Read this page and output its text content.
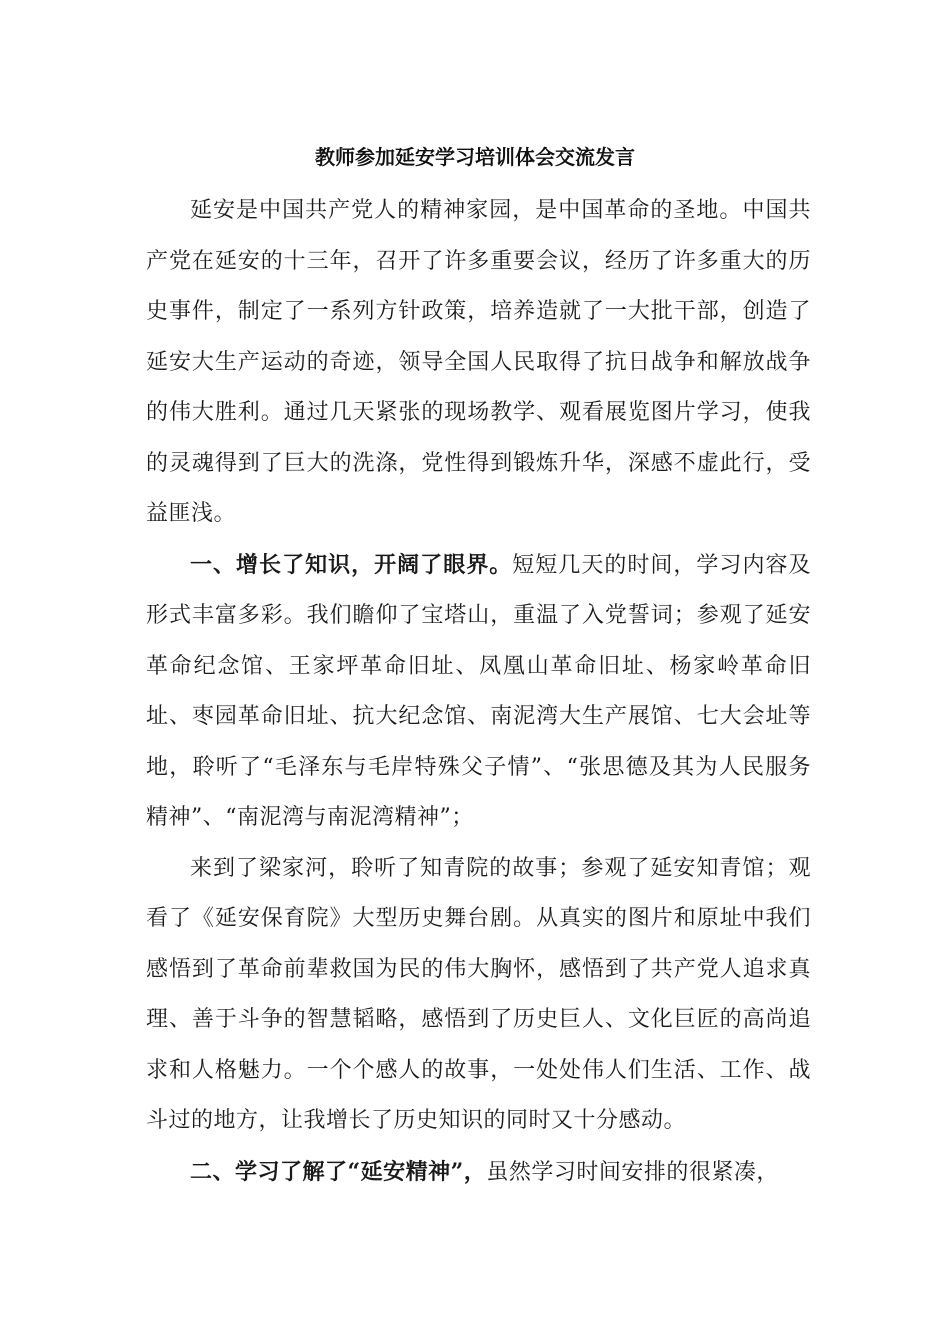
教师参加延安学习培训体会交流发言

延安是中国共产党人的精神家园，是中国革命的圣地。中国共产党在延安的十三年，召开了许多重要会议，经历了许多重大的历史事件，制定了一系列方针政策，培养造就了一大批干部，创造了延安大生产运动的奇迹，领导全国人民取得了抗日战争和解放战争的伟大胜利。通过几天紧张的现场教学、观看展览图片学习，使我的灵魂得到了巨大的洗涤，党性得到锻炼升华，深感不虚此行，受益匪浅。

一、增长了知识，开阔了眼界。短短几天的时间，学习内容及形式丰富多彩。我们瞻仰了宝塔山，重温了入党誓词；参观了延安革命纪念馆、王家坪革命旧址、凤凰山革命旧址、杨家岭革命旧址、枣园革命旧址、抗大纪念馆、南泥湾大生产展馆、七大会址等地，聆听了“毛泽东与毛岸特殊父子情”、“张思德及其为人民服务精神”、“南泥湾与南泥湾精神”；

来到了梁家河，聆听了知青院的故事；参观了延安知青馆；观看了《延安保育院》大型历史舞台剧。从真实的图片和原址中我们感悟到了革命前辈救国为民的伟大胸怀，感悟到了共产党人追求真理、善于斗争的智慧韬略，感悟到了历史巨人、文化巨匠的高尚追求和人格魅力。一个个感人的故事，一处处伟人们生活、工作、战斗过的地方，让我增长了历史知识的同时又十分感动。

二、学习了解了“延安精神”，虽然学习时间安排的很紧凑，
